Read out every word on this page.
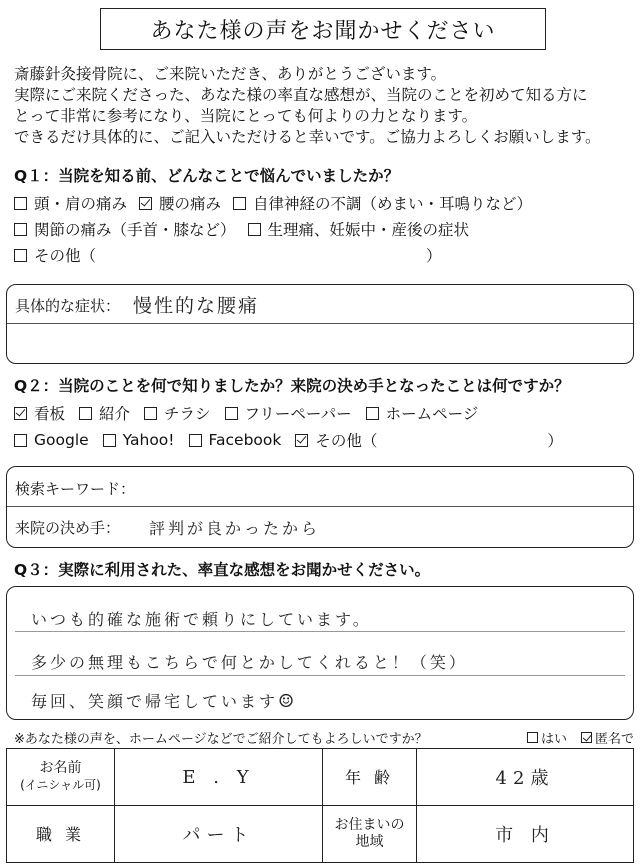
あなた様の声をお聞かせください
斎藤針灸接骨院に、ご来院いただき、ありがとうございます。
実際にご来院くださった、あなた様の率直な感想が、当院のことを初めて知る方に
とって非常に参考になり、当院にとっても何よりの力となります。
できるだけ具体的に、ご記入いただけると幸いです。ご協力よろしくお願いします。
Q１：当院を知る前、どんなことで悩んでいましたか？
頭・肩の痛み 腰の痛み 自律神経の不調（めまい・耳鳴りなど）
関節の痛み（手首・膝など） 生理痛、妊娠中・産後の症状
その他（	）
具体的な症状： 慢性的な腰痛
Q２：当院のことを何で知りましたか？来院の決め手となったことは何ですか？
看板 紹介 チラシ フリーペーパー ホームページ
Google Yahoo! Facebook その他（	）
検索キーワード：
来院の決め手： 評判が良かったから
Q３：実際に利用された、率直な感想をお聞かせください。
いつも的確な施術で頼りにしています。
多少の無理もこちらで何とかしてくれると！（笑）
毎回、笑顔で帰宅しています☺
※あなた様の声を、ホームページなどでご紹介してもよろしいですか？	はい 匿名で
お名前
(イニシャル可)	E . Y	年 齢	42歳
職 業	パート	お住まいの
地域	市 内
